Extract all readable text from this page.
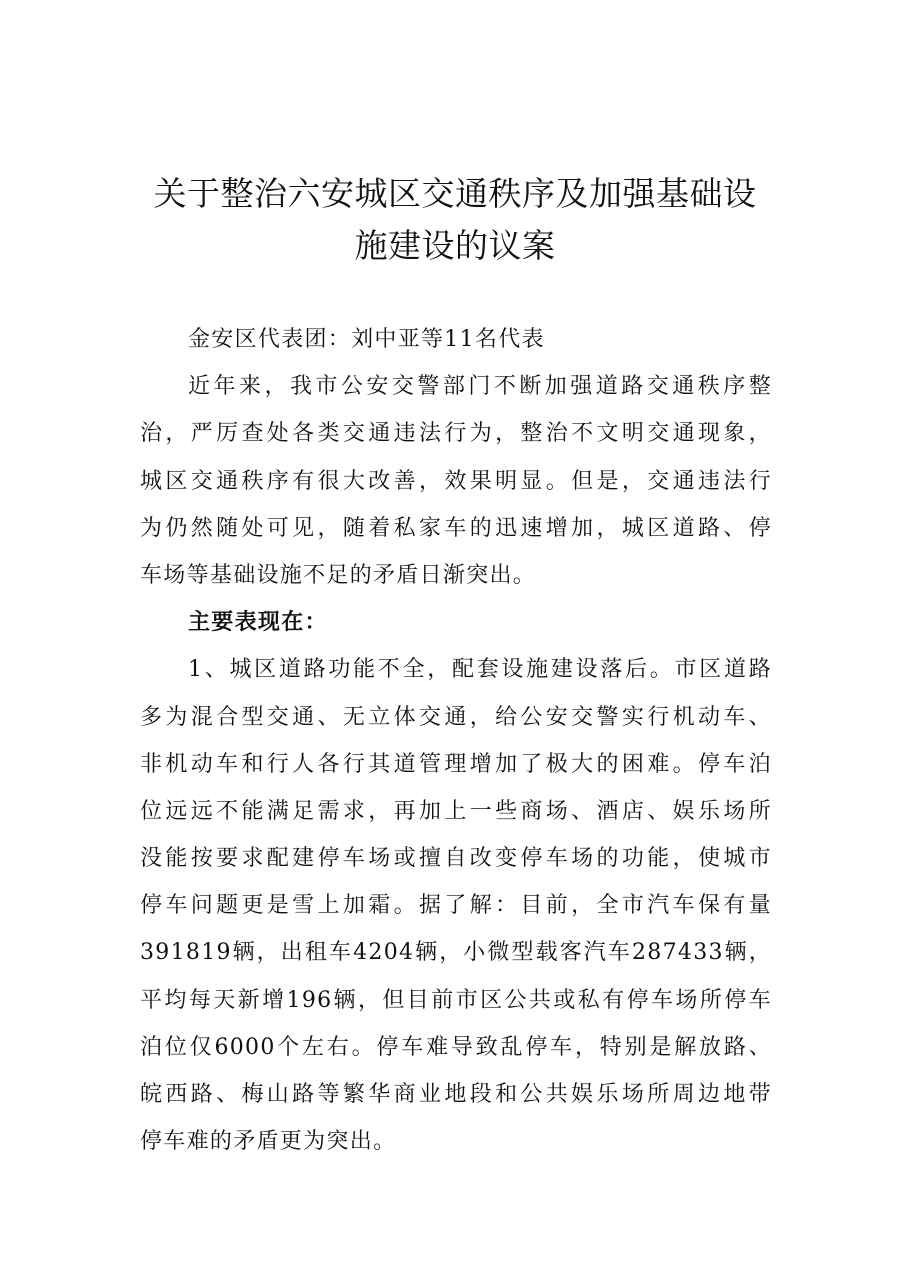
关于整治六安城区交通秩序及加强基础设
施建设的议案
金安区代表团：刘中亚等11名代表
近年来，我市公安交警部门不断加强道路交通秩序整
治，严厉查处各类交通违法行为，整治不文明交通现象，
城区交通秩序有很大改善，效果明显。但是，交通违法行
为仍然随处可见，随着私家车的迅速增加，城区道路、停
车场等基础设施不足的矛盾日渐突出。
主要表现在：
1、城区道路功能不全，配套设施建设落后。市区道路
多为混合型交通、无立体交通，给公安交警实行机动车、
非机动车和行人各行其道管理增加了极大的困难。停车泊
位远远不能满足需求，再加上一些商场、酒店、娱乐场所
没能按要求配建停车场或擅自改变停车场的功能，使城市
停车问题更是雪上加霜。据了解：目前，全市汽车保有量
391819辆，出租车4204辆，小微型载客汽车287433辆，
平均每天新增196辆，但目前市区公共或私有停车场所停车
泊位仅6000个左右。停车难导致乱停车，特别是解放路、
皖西路、梅山路等繁华商业地段和公共娱乐场所周边地带
停车难的矛盾更为突出。
